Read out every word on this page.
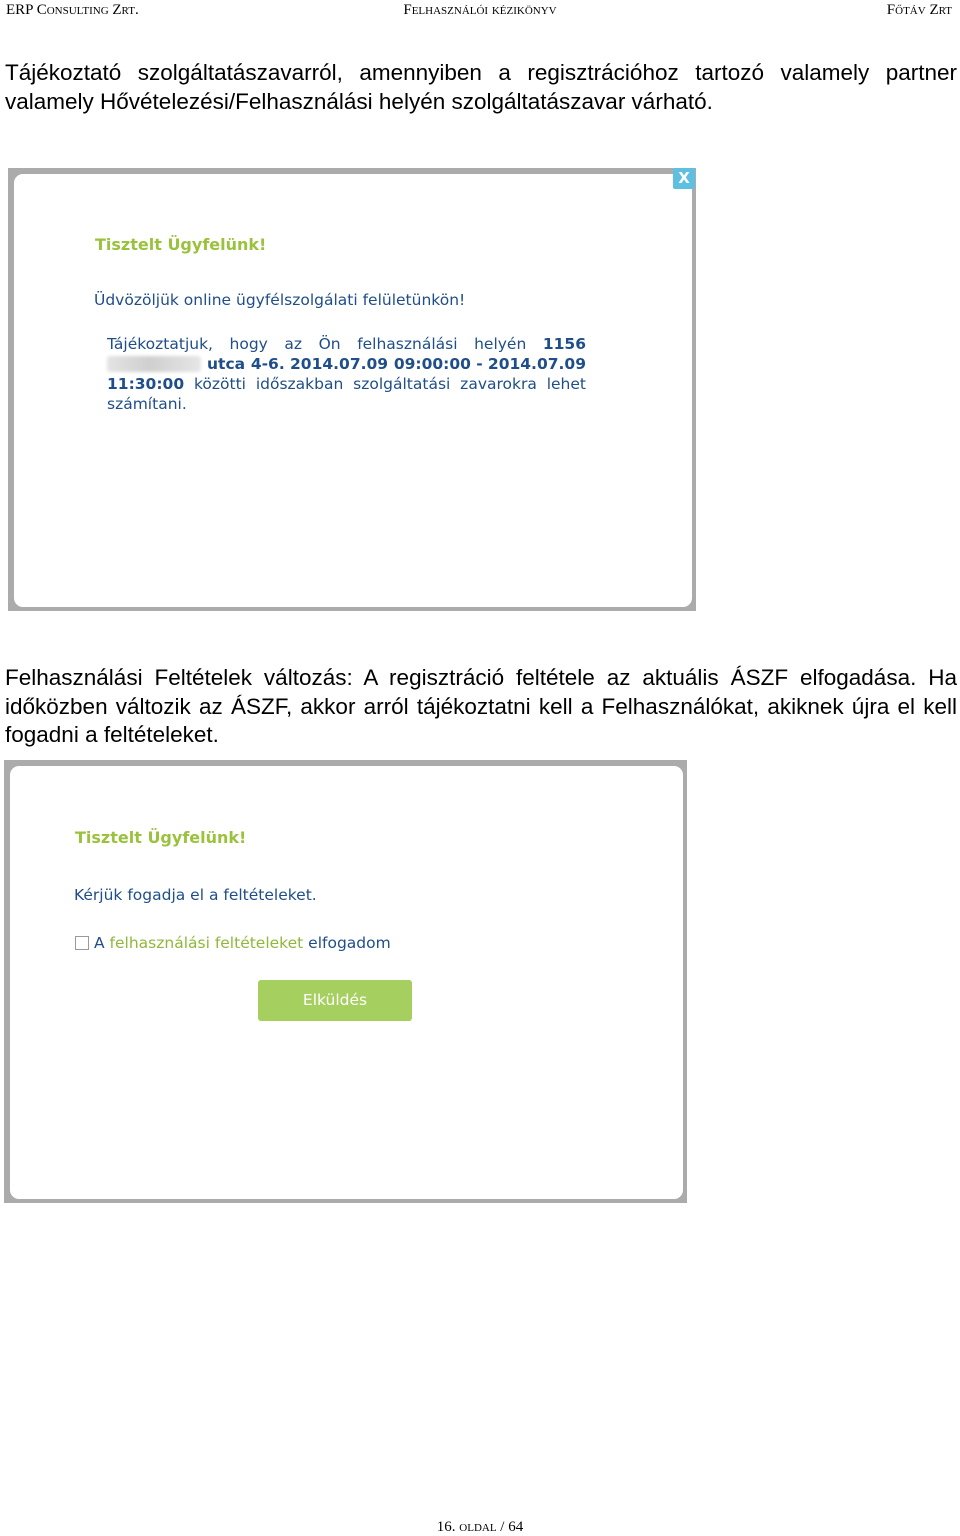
ERP Consulting Zrt.	Felhasználói kézikönyv	Főtáv Zrt
Tájékoztató szolgáltatászavarról, amennyiben a regisztrációhoz tartozó valamely partner valamely Hővételezési/Felhasználási helyén szolgáltatászavar várható.
X
Tisztelt Ügyfelünk!
Üdvözöljük online ügyfélszolgálati felületünkön!
Tájékoztatjuk, hogy az Ön felhasználási helyén 1156 utca 4-6. 2014.07.09 09:00:00 - 2014.07.09 11:30:00 közötti időszakban szolgáltatási zavarokra lehet számítani.
Felhasználási Feltételek változás: A regisztráció feltétele az aktuális ÁSZF elfogadása. Ha időközben változik az ÁSZF, akkor arról tájékoztatni kell a Felhasználókat, akiknek újra el kell fogadni a feltételeket.
Tisztelt Ügyfelünk!
Kérjük fogadja el a feltételeket.
A
felhasználási feltételeket
elfogadom
Elküldés
16. oldal / 64
